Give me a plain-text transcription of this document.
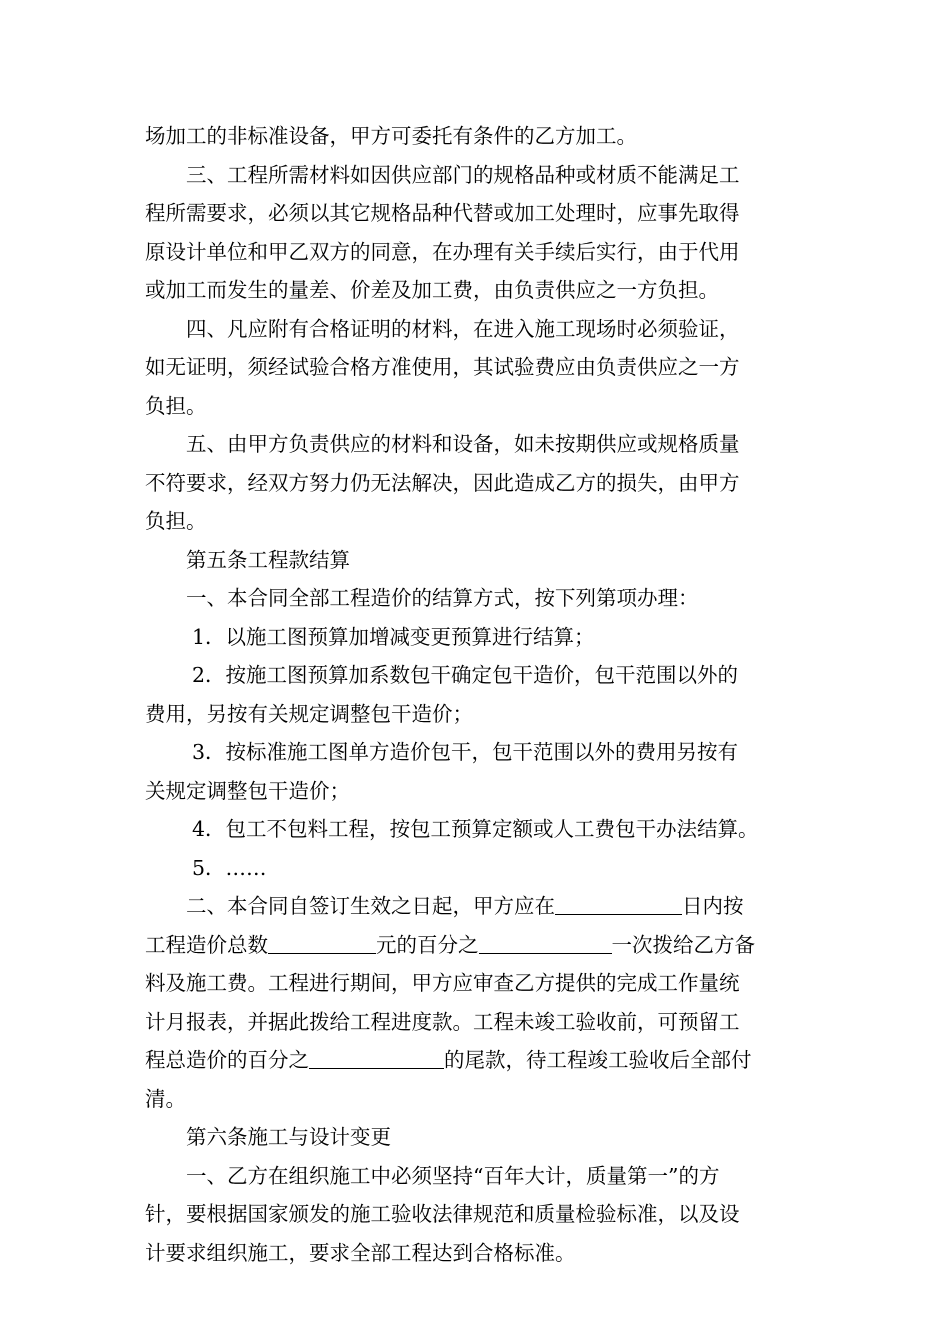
场加工的非标准设备，甲方可委托有条件的乙方加工。
三、工程所需材料如因供应部门的规格品种或材质不能满足工
程所需要求，必须以其它规格品种代替或加工处理时，应事先取得
原设计单位和甲乙双方的同意，在办理有关手续后实行，由于代用
或加工而发生的量差、价差及加工费，由负责供应之一方负担。
四、凡应附有合格证明的材料，在进入施工现场时必须验证，
如无证明，须经试验合格方准使用，其试验费应由负责供应之一方
负担。
五、由甲方负责供应的材料和设备，如未按期供应或规格质量
不符要求，经双方努力仍无法解决，因此造成乙方的损失，由甲方
负担。
第五条工程款结算
一、本合同全部工程造价的结算方式，按下列第项办理：
1．以施工图预算加增减变更预算进行结算；
2．按施工图预算加系数包干确定包干造价，包干范围以外的
费用，另按有关规定调整包干造价；
3．按标准施工图单方造价包干，包干范围以外的费用另按有
关规定调整包干造价；
4．包工不包料工程，按包工预算定额或人工费包干办法结算。
5．……
二、本合同自签订生效之日起，甲方应在	日内按
工程造价总数	元的百分之	一次拨给乙方备
料及施工费。工程进行期间，甲方应审查乙方提供的完成工作量统
计月报表，并据此拨给工程进度款。工程未竣工验收前，可预留工
程总造价的百分之	的尾款，待工程竣工验收后全部付
清。
第六条施工与设计变更
一、乙方在组织施工中必须坚持“百年大计，质量第一”的方
针，要根据国家颁发的施工验收法律规范和质量检验标准，以及设
计要求组织施工，要求全部工程达到合格标准。
